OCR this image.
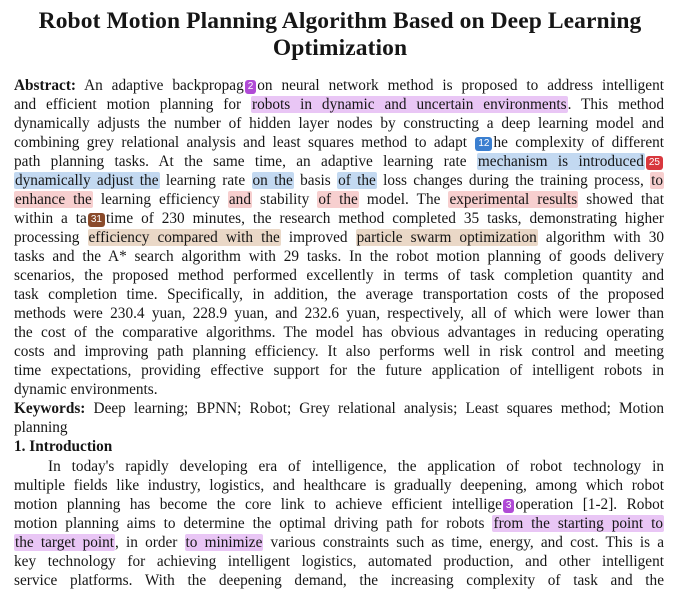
Robot Motion Planning Algorithm Based on Deep Learning Optimization
Abstract: An adaptive backpropag 2 on neural network method is proposed to address intelligent
and efficient motion planning for robots in dynamic and uncertain environments. This method
dynamically adjusts the number of hidden layer nodes by constructing a deep learning model and
combining grey relational analysis and least squares method to adapt 12 he complexity of different
path planning tasks. At the same time, an adaptive learning rate mechanism is introduced 25
dynamically adjust the learning rate on the basis of the loss changes during the training process, to
enhance the learning efficiency and stability of the model. The experimental results showed that
within a ta 31 time of 230 minutes, the research method completed 35 tasks, demonstrating higher
processing efficiency compared with the improved particle swarm optimization algorithm with 30
tasks and the A* search algorithm with 29 tasks. In the robot motion planning of goods delivery
scenarios, the proposed method performed excellently in terms of task completion quantity and
task completion time. Specifically, in addition, the average transportation costs of the proposed
methods were 230.4 yuan, 228.9 yuan, and 232.6 yuan, respectively, all of which were lower than
the cost of the comparative algorithms. The model has obvious advantages in reducing operating
costs and improving path planning efficiency. It also performs well in risk control and meeting
time expectations, providing effective support for the future application of intelligent robots in
dynamic environments.
Keywords: Deep learning; BPNN; Robot; Grey relational analysis; Least squares method; Motion
planning
1. Introduction
In today's rapidly developing era of intelligence, the application of robot technology in
multiple fields like industry, logistics, and healthcare is gradually deepening, among which robot
motion planning has become the core link to achieve efficient intellige 3 operation [1-2]. Robot
motion planning aims to determine the optimal driving path for robots from the starting point to
the target point, in order to minimize various constraints such as time, energy, and cost. This is a
key technology for achieving intelligent logistics, automated production, and other intelligent
service platforms. With the deepening demand, the increasing complexity of task and the
